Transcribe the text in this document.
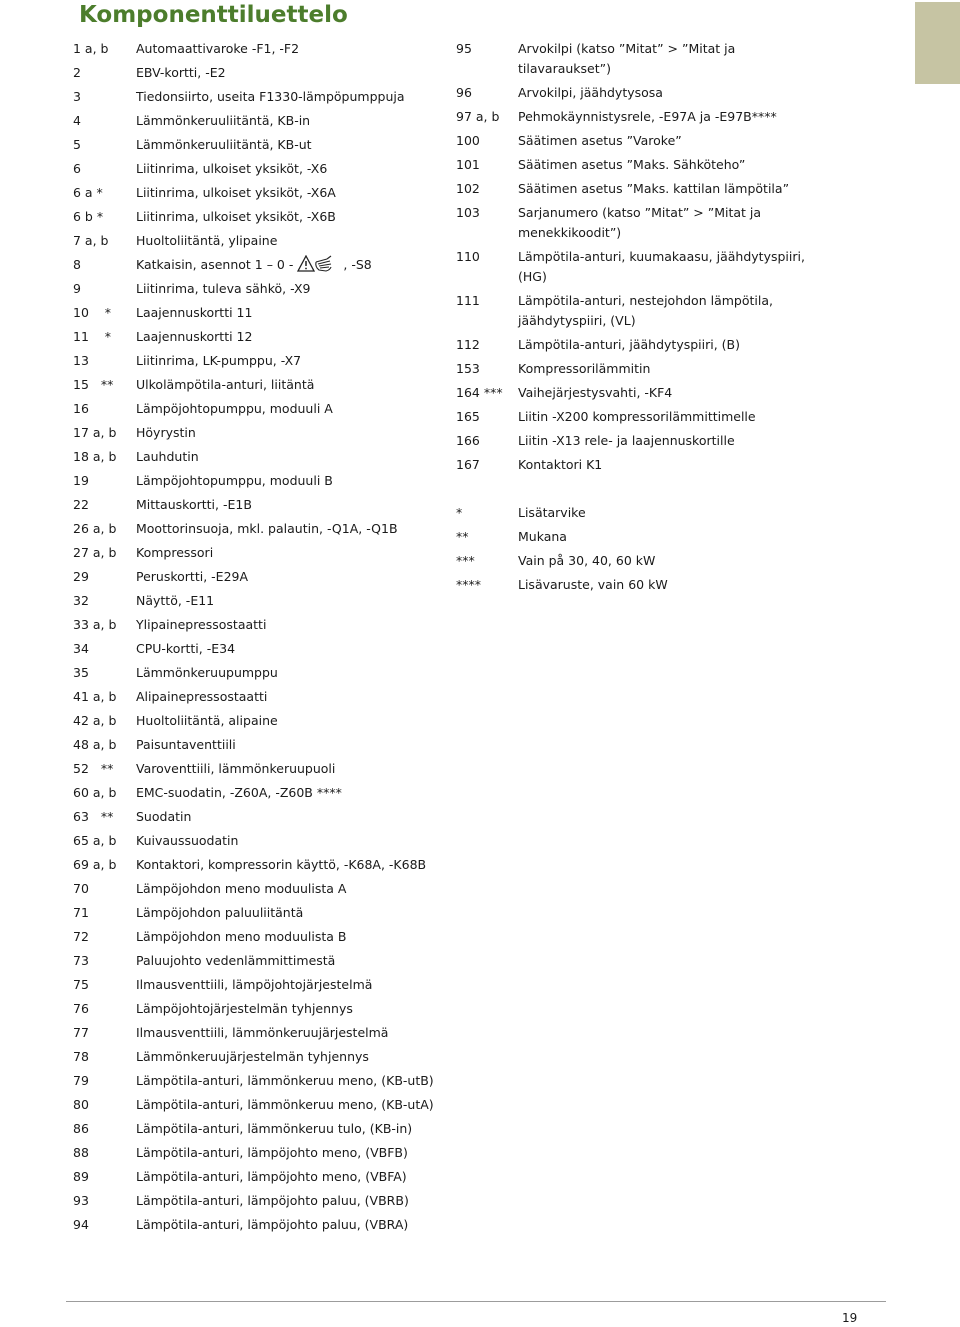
Komponenttiluettelo
1 a, b Automaattivaroke -F1, -F2
2	EBV-kortti, -E2
3	Tiedonsiirto, useita F1330-lämpöpumppuja
4	Lämmönkeruuliitäntä, KB-in
5	Lämmönkeruuliitäntä, KB-ut
6	Liitinrima, ulkoiset yksiköt, -X6
6 a *	Liitinrima, ulkoiset yksiköt, -X6A
6 b *	Liitinrima, ulkoiset yksiköt, -X6B
7 a, b Huoltoliitäntä, ylipaine
8	Katkaisin, asennot 1 – 0 -	, -S8
9	Liitinrima, tuleva sähkö, -X9
10    * Laajennuskortti 11
11    * Laajennuskortti 12
13	Liitinrima, LK-pumppu, -X7
15   ** Ulkolämpötila-anturi, liitäntä
16	Lämpöjohtopumppu, moduuli A
17 a, b Höyrystin
18 a, b Lauhdutin
19	Lämpöjohtopumppu, moduuli B
22	Mittauskortti, -E1B
26 a, b Moottorinsuoja, mkl. palautin, -Q1A, -Q1B
27 a, b Kompressori
29	Peruskortti, -E29A
32	Näyttö, -E11
33 a, b Ylipainepressostaatti
34	CPU-kortti, -E34
35	Lämmönkeruupumppu
41 a, b Alipainepressostaatti
42 a, b Huoltoliitäntä, alipaine
48 a, b Paisuntaventtiili
52   ** Varoventtiili, lämmönkeruupuoli
60 a, b EMC-suodatin, -Z60A, -Z60B ****
63   ** Suodatin
65 a, b Kuivaussuodatin
69 a, b Kontaktori, kompressorin käyttö, -K68A, -K68B
70	Lämpöjohdon meno moduulista A
71	Lämpöjohdon paluuliitäntä
72	Lämpöjohdon meno moduulista B
73	Paluujohto vedenlämmittimestä
75	Ilmausventtiili, lämpöjohtojärjestelmä
76	Lämpöjohtojärjestelmän tyhjennys
77	Ilmausventtiili, lämmönkeruujärjestelmä
78	Lämmönkeruujärjestelmän tyhjennys
79	Lämpötila-anturi, lämmönkeruu meno, (KB-utB)
80	Lämpötila-anturi, lämmönkeruu meno, (KB-utA)
86	Lämpötila-anturi, lämmönkeruu tulo, (KB-in)
88	Lämpötila-anturi, lämpöjohto meno, (VBFB)
89	Lämpötila-anturi, lämpöjohto meno, (VBFA)
93	Lämpötila-anturi, lämpöjohto paluu, (VBRB)
94	Lämpötila-anturi, lämpöjohto paluu, (VBRA)
95	Arvokilpi (katso ”Mitat” > ”Mitat ja tilavaraukset”)
96	Arvokilpi, jäähdytysosa
97 a, b Pehmokäynnistysrele, -E97A ja -E97B****
100	Säätimen asetus ”Varoke”
101	Säätimen asetus ”Maks. Sähköteho”
102	Säätimen asetus ”Maks. kattilan lämpötila”
103	Sarjanumero (katso ”Mitat” > ”Mitat ja menekkikoodit”)
110	Lämpötila-anturi, kuumakaasu, jäähdytyspiiri, (HG)
111	Lämpötila-anturi, nestejohdon lämpötila, jäähdytyspiiri, (VL)
112	Lämpötila-anturi, jäähdytyspiiri, (B)
153	Kompressorilämmitin
164 *** Vaihejärjestysvahti, -KF4
165	Liitin -X200 kompressorilämmittimelle
166	Liitin -X13 rele- ja laajennuskortille
167	Kontaktori K1
*	Lisätarvike
**	Mukana
***	Vain på 30, 40, 60 kW
****	Lisävaruste, vain 60 kW
19
